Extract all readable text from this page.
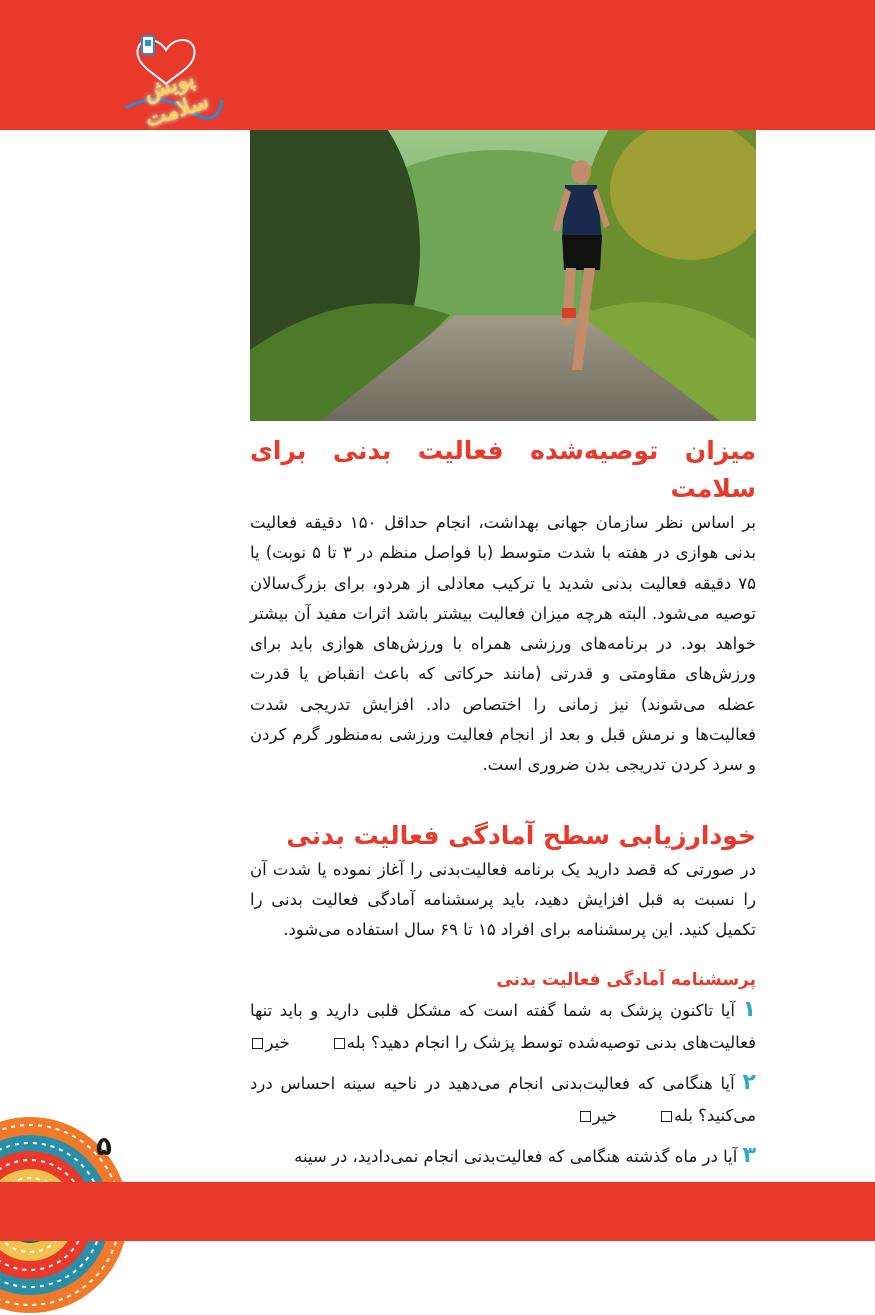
پویش سلامت
میزان توصیه‌شده فعالیت بدنی برای سلامت

بر اساس نظر سازمان جهانی بهداشت، انجام حداقل ۱۵۰ دقیقه فعالیت بدنی هوازی در هفته با شدت متوسط (با فواصل منظم در ۳ تا ۵ نوبت) یا ۷۵ دقیقه فعالیت بدنی شدید یا ترکیب معادلی از هردو، برای بزرگ‌سالان توصیه می‌شود. البته هرچه میزان فعالیت بیشتر باشد اثرات مفید آن بیشتر خواهد بود. در برنامه‌های ورزشی همراه با ورزش‌های هوازی باید برای ورزش‌های مقاومتی و قدرتی (مانند حرکاتی که باعث انقباض یا قدرت عضله می‌شوند) نیز زمانی را اختصاص داد. افزایش تدریجی شدت فعالیت‌ها و نرمش قبل و بعد از انجام فعالیت ورزشی به‌منظور گرم کردن و سرد کردن تدریجی بدن ضروری است.

خودارزیابی سطح آمادگی فعالیت بدنی

در صورتی که قصد دارید یک برنامه فعالیت‌بدنی را آغاز نموده یا شدت آن را نسبت به قبل افزایش دهید، باید پرسشنامه آمادگی فعالیت بدنی را تکمیل کنید. این پرسشنامه برای افراد ۱۵ تا ۶۹ سال استفاده می‌شود.

پرسشنامه آمادگی فعالیت بدنی

۱ آیا تاکنون پزشک به شما گفته است که مشکل قلبی دارید و باید تنها فعالیت‌های بدنی توصیه‌شده توسط پزشک را انجام دهید؟ بله        خیر

۲ آیا هنگامی که فعالیت‌بدنی انجام می‌دهید در ناحیه سینه احساس درد می‌کنید؟ بله        خیر

۳ آیا در ماه گذشته هنگامی که فعالیت‌بدنی انجام نمی‌دادید، در سینه

۵
